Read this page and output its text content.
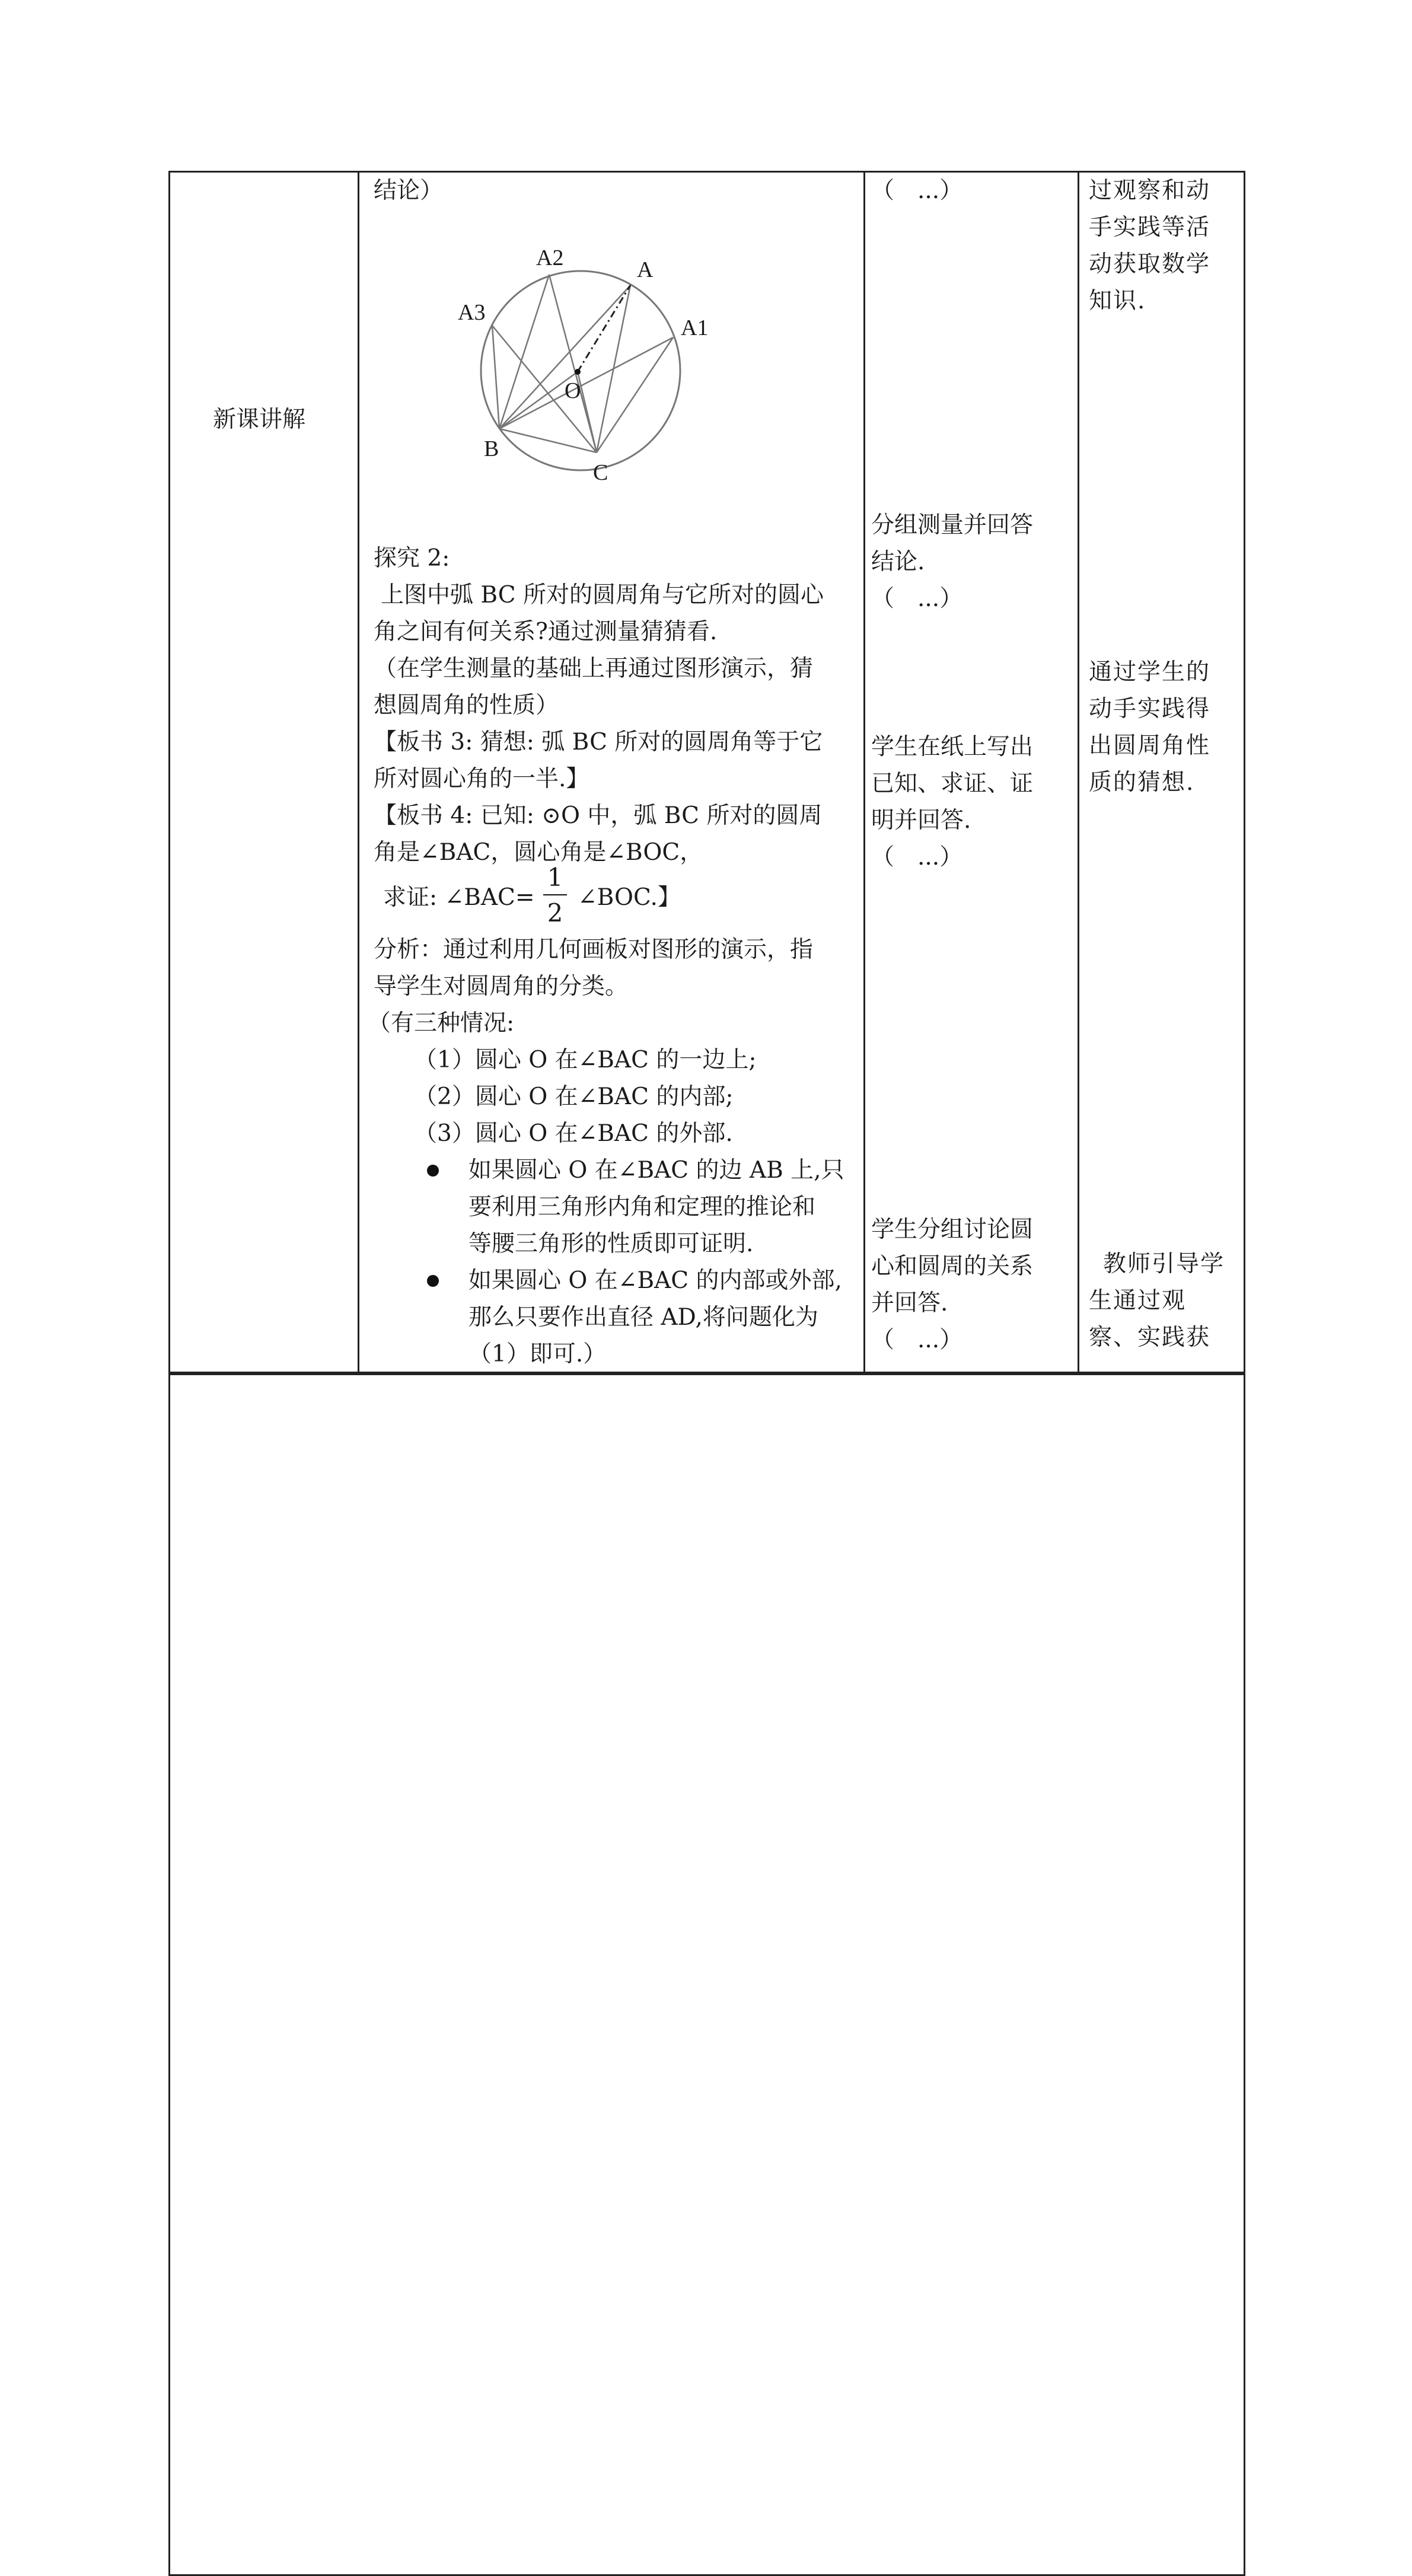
新课讲解
结论）
A2	A
A3
A1
O
B
C
探究 2:
上图中弧 BC 所对的圆周角与它所对的圆心
角之间有何关系?通过测量猜猜看.
（在学生测量的基础上再通过图形演示，猜
想圆周角的性质）
【板书 3: 猜想: 弧 BC 所对的圆周角等于它
所对圆心角的一半.】
【板书 4: 已知: ⊙O 中，弧 BC 所对的圆周
角是∠BAC，圆心角是∠BOC，
求证: ∠BAC=
1
2
∠BOC.】
分析：通过利用几何画板对图形的演示，指
导学生对圆周角的分类。
（有三种情况:
（1）圆心 O 在∠BAC 的一边上;
（2）圆心 O 在∠BAC 的内部;
（3）圆心 O 在∠BAC 的外部.
如果圆心 O 在∠BAC 的边 AB 上,只
要利用三角形内角和定理的推论和
等腰三角形的性质即可证明.
如果圆心 O 在∠BAC 的内部或外部,
那么只要作出直径 AD,将问题化为
（1）即可.）
（　...）
分组测量并回答
结论.
（　...）
学生在纸上写出
已知、求证、证
明并回答.
（　...）
学生分组讨论圆
心和圆周的关系
并回答.
（　...）
过观察和动
手实践等活
动获取数学
知识.
通过学生的
动手实践得
出圆周角性
质的猜想.
教师引导学
生通过观
察、实践获
